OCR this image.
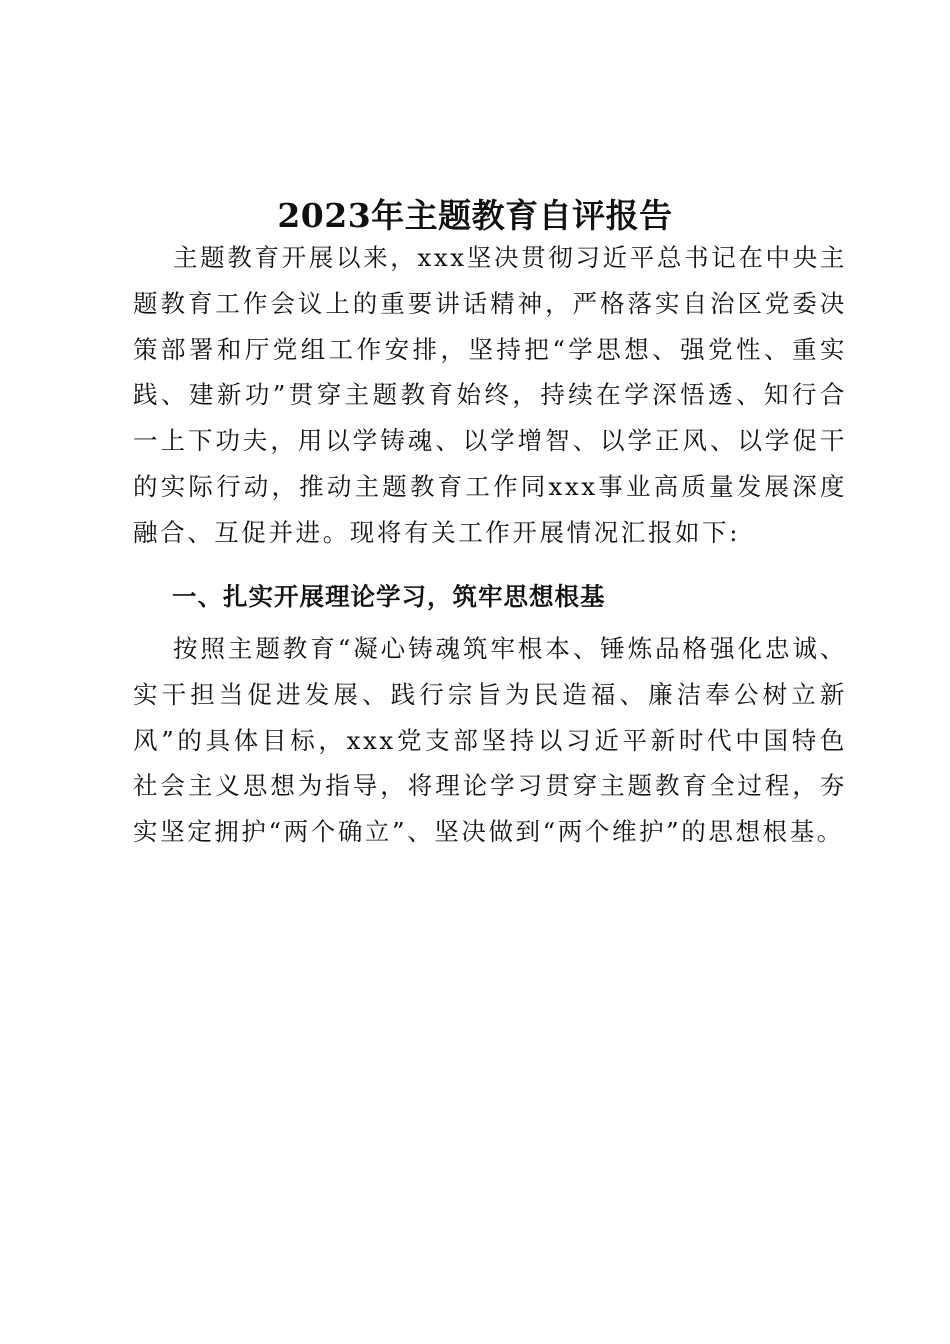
2023年主题教育自评报告

主题教育开展以来，xxx坚决贯彻习近平总书记在中央主题教育工作会议上的重要讲话精神，严格落实自治区党委决策部署和厅党组工作安排，坚持把“学思想、强党性、重实践、建新功”贯穿主题教育始终，持续在学深悟透、知行合一上下功夫，用以学铸魂、以学增智、以学正风、以学促干的实际行动，推动主题教育工作同xxx事业高质量发展深度融合、互促并进。现将有关工作开展情况汇报如下:

一、扎实开展理论学习，筑牢思想根基

按照主题教育“凝心铸魂筑牢根本、锤炼品格强化忠诚、实干担当促进发展、践行宗旨为民造福、廉洁奉公树立新风”的具体目标，xxx党支部坚持以习近平新时代中国特色社会主义思想为指导，将理论学习贯穿主题教育全过程，夯实坚定拥护“两个确立”、坚决做到“两个维护”的思想根基。
